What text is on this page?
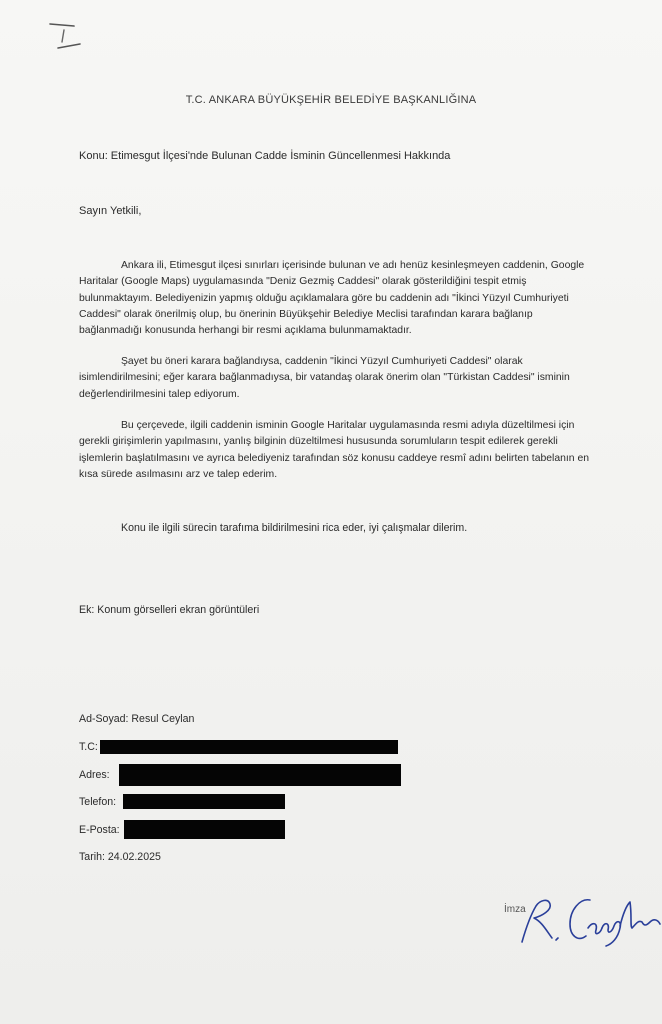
T.C. ANKARA BÜYÜKŞEHİR BELEDİYE BAŞKANLIĞINA
Konu: Etimesgut İlçesi'nde Bulunan Cadde İsminin Güncellenmesi Hakkında
Sayın Yetkili,

Ankara ili, Etimesgut ilçesi sınırları içerisinde bulunan ve adı henüz kesinleşmeyen caddenin, Google Haritalar (Google Maps) uygulamasında "Deniz Gezmiş Caddesi" olarak gösterildiğini tespit etmiş bulunmaktayım. Belediyenizin yapmış olduğu açıklamalara göre bu caddenin adı "İkinci Yüzyıl Cumhuriyeti Caddesi" olarak önerilmiş olup, bu önerinin Büyükşehir Belediye Meclisi tarafından karara bağlanıp bağlanmadığı konusunda herhangi bir resmi açıklama bulunmamaktadır.

Şayet bu öneri karara bağlandıysa, caddenin "İkinci Yüzyıl Cumhuriyeti Caddesi" olarak isimlendirilmesini; eğer karara bağlanmadıysa, bir vatandaş olarak önerim olan "Türkistan Caddesi" isminin değerlendirilmesini talep ediyorum.

Bu çerçevede, ilgili caddenin isminin Google Haritalar uygulamasında resmi adıyla düzeltilmesi için gerekli girişimlerin yapılmasını, yanlış bilginin düzeltilmesi hususunda sorumluların tespit edilerek gerekli işlemlerin başlatılmasını ve ayrıca belediyeniz tarafından söz konusu caddeye resmî adını belirten tabelanın en kısa sürede asılmasını arz ve talep ederim.

Konu ile ilgili sürecin tarafıma bildirilmesini rica eder, iyi çalışmalar dilerim.
Ek: Konum görselleri ekran görüntüleri
Ad-Soyad: Resul Ceylan
T.C:
Adres:
Telefon:
E-Posta:
Tarih: 24.02.2025
İmza
